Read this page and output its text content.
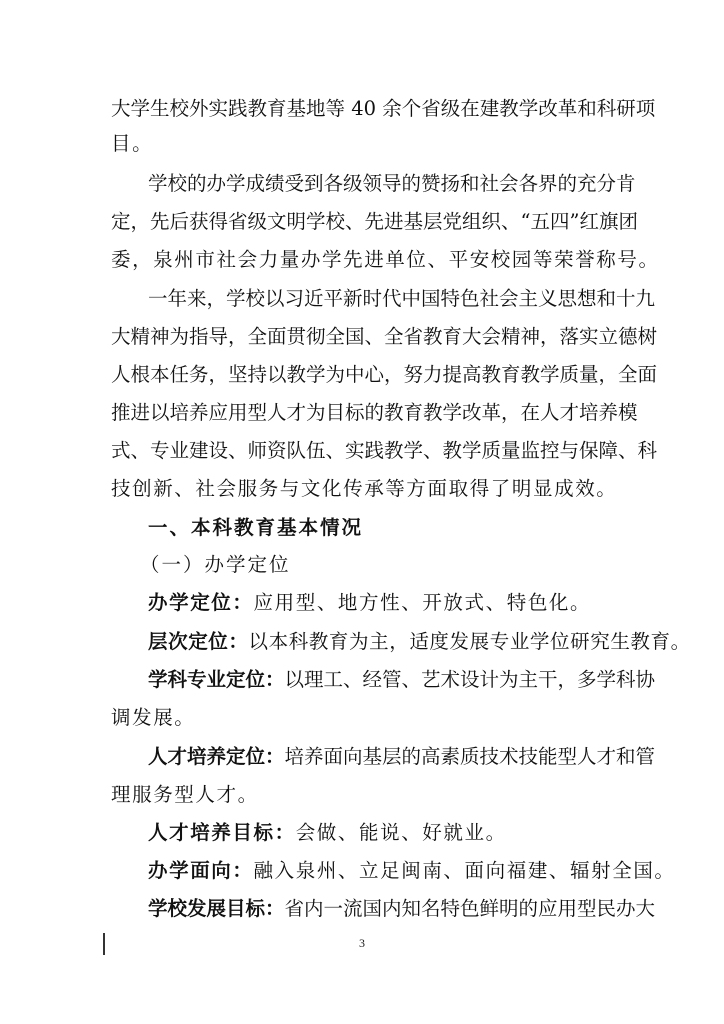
大学生校外实践教育基地等 40 余个省级在建教学改革和科研项
目。
学校的办学成绩受到各级领导的赞扬和社会各界的充分肯
定，先后获得省级文明学校、先进基层党组织、“五四”红旗团
委，泉州市社会力量办学先进单位、平安校园等荣誉称号。
一年来，学校以习近平新时代中国特色社会主义思想和十九
大精神为指导，全面贯彻全国、全省教育大会精神，落实立德树
人根本任务，坚持以教学为中心，努力提高教育教学质量，全面
推进以培养应用型人才为目标的教育教学改革，在人才培养模
式、专业建设、师资队伍、实践教学、教学质量监控与保障、科
技创新、社会服务与文化传承等方面取得了明显成效。
一、本科教育基本情况
（一）办学定位
办学定位：应用型、地方性、开放式、特色化。
层次定位：以本科教育为主，适度发展专业学位研究生教育。
学科专业定位：以理工、经管、艺术设计为主干，多学科协
调发展。
人才培养定位：培养面向基层的高素质技术技能型人才和管
理服务型人才。
人才培养目标：会做、能说、好就业。
办学面向：融入泉州、立足闽南、面向福建、辐射全国。
学校发展目标：省内一流国内知名特色鲜明的应用型民办大
3
